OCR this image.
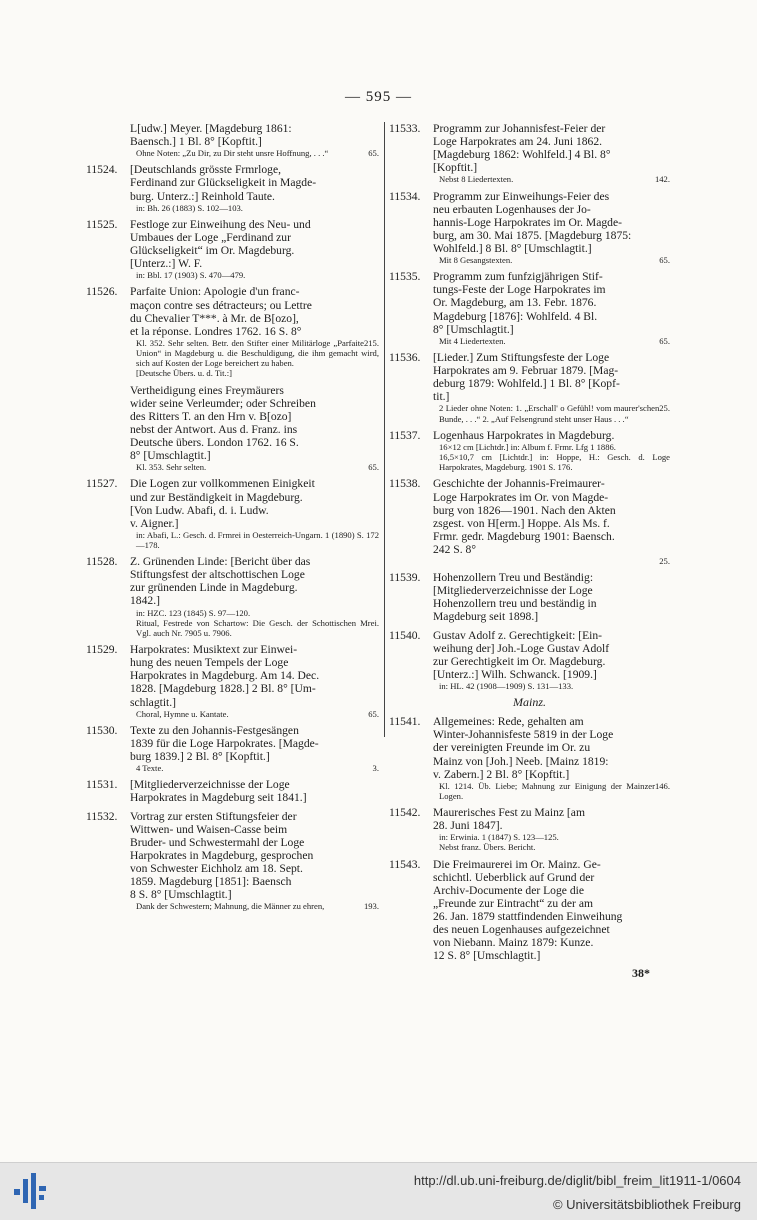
— 595 —
L[udw.] Meyer. [Magdeburg 1861:
Baensch.] 1 Bl. 8° [Kopftit.]
65.
Ohne Noten: „Zu Dir, zu Dir steht unsre Hoffnung, . . .“
11524. [Deutschlands grösste Frmrloge,
Ferdinand zur Glückseligkeit in Magde-
burg. Unterz.:] Reinhold Taute.
in: Bh. 26 (1883) S. 102—103.
11525. Festloge zur Einweihung des Neu- und
Umbaues der Loge „Ferdinand zur
Glückseligkeit“ im Or. Magdeburg.
[Unterz.:] W. F.
in: Bbl. 17 (1903) S. 470—479.
11526. Parfaite Union: Apologie d'un franc-
maçon contre ses détracteurs; ou Lettre
du Chevalier T***. à Mr. de B[ozo],
et la réponse. Londres 1762. 16 S. 8°
215.
Kl. 352. Sehr selten. Betr. den Stifter einer Militärloge „Parfaite Union“ in Magdeburg u. die Beschuldigung, die ihm gemacht wird, sich auf Kosten der Loge bereichert zu haben.
[Deutsche Übers. u. d. Tit.:]
Vertheidigung eines Freymäurers
wider seine Verleumder; oder Schreiben
des Ritters T. an den Hrn v. B[ozo]
nebst der Antwort. Aus d. Franz. ins
Deutsche übers. London 1762. 16 S.
8° [Umschlagtit.]
65.
Kl. 353. Sehr selten.
11527. Die Logen zur vollkommenen Einigkeit
und zur Beständigkeit in Magdeburg.
[Von Ludw. Abafi, d. i. Ludw.
v. Aigner.]
in: Abafi, L.: Gesch. d. Frmrei in Oesterreich-Ungarn. 1 (1890) S. 172—178.
11528. Z. Grünenden Linde: [Bericht über das
Stiftungsfest der altschottischen Loge
zur grünenden Linde in Magdeburg.
1842.]
in: HZC. 123 (1845) S. 97—120.
Ritual, Festrede von Schartow: Die Gesch. der Schottischen Mrei. Vgl. auch Nr. 7905 u. 7906.
11529. Harpokrates: Musiktext zur Einwei-
hung des neuen Tempels der Loge
Harpokrates in Magdeburg. Am 14. Dec.
1828. [Magdeburg 1828.] 2 Bl. 8° [Um-
schlagtit.]
65.
Choral, Hymne u. Kantate.
11530. Texte zu den Johannis-Festgesängen
1839 für die Loge Harpokrates. [Magde-
burg 1839.] 2 Bl. 8° [Kopftit.]
3.
4 Texte.
11531. [Mitgliederverzeichnisse der Loge
Harpokrates in Magdeburg seit 1841.]
11532. Vortrag zur ersten Stiftungsfeier der
Wittwen- und Waisen-Casse beim
Bruder- und Schwestermahl der Loge
Harpokrates in Magdeburg, gesprochen
von Schwester Eichholz am 18. Sept.
1859. Magdeburg [1851]: Baensch
8 S. 8° [Umschlagtit.]
193.
Dank der Schwestern; Mahnung, die Männer zu ehren,
11533. Programm zur Johannisfest-Feier der
Loge Harpokrates am 24. Juni 1862.
[Magdeburg 1862: Wohlfeld.] 4 Bl. 8°
[Kopftit.]
142.
Nebst 8 Liedertexten.
11534. Programm zur Einweihungs-Feier des
neu erbauten Logenhauses der Jo-
hannis-Loge Harpokrates im Or. Magde-
burg, am 30. Mai 1875. [Magdeburg 1875:
Wohlfeld.] 8 Bl. 8° [Umschlagtit.]
65.
Mit 8 Gesangstexten.
11535. Programm zum funfzigjährigen Stif-
tungs-Feste der Loge Harpokrates im
Or. Magdeburg, am 13. Febr. 1876.
Magdeburg [1876]: Wohlfeld. 4 Bl.
8° [Umschlagtit.]
65.
Mit 4 Liedertexten.
11536. [Lieder.] Zum Stiftungsfeste der Loge
Harpokrates am 9. Februar 1879. [Mag-
deburg 1879: Wohlfeld.] 1 Bl. 8° [Kopf-
tit.]
25.
2 Lieder ohne Noten: 1. „Erschall' o Gefühl! vom maurer'schen Bunde, . . .“ 2. „Auf Felsengrund steht unser Haus . . .“
11537. Logenhaus Harpokrates in Magdeburg.
16×12 cm [Lichtdr.] in: Album f. Frmr. Lfg 1 1886.
16,5×10,7 cm [Lichtdr.] in: Hoppe, H.: Gesch. d. Loge Harpokrates, Magdeburg. 1901 S. 176.
11538. Geschichte der Johannis-Freimaurer-
Loge Harpokrates im Or. von Magde-
burg von 1826—1901. Nach den Akten
zsgest. von H[erm.] Hoppe. Als Ms. f.
Frmr. gedr. Magdeburg 1901: Baensch.
242 S. 8°
25.
11539. Hohenzollern Treu und Beständig:
[Mitgliederverzeichnisse der Loge
Hohenzollern treu und beständig in
Magdeburg seit 1898.]
11540. Gustav Adolf z. Gerechtigkeit: [Ein-
weihung der] Joh.-Loge Gustav Adolf
zur Gerechtigkeit im Or. Magdeburg.
[Unterz.:] Wilh. Schwanck. [1909.]
in: HL. 42 (1908—1909) S. 131—133.
Mainz.
11541. Allgemeines: Rede, gehalten am
Winter-Johannisfeste 5819 in der Loge
der vereinigten Freunde im Or. zu
Mainz von [Joh.] Neeb. [Mainz 1819:
v. Zabern.] 2 Bl. 8° [Kopftit.]
146.
Kl. 1214. Üb. Liebe; Mahnung zur Einigung der Mainzer Logen.
11542. Maurerisches Fest zu Mainz [am
28. Juni 1847].
in: Erwinia. 1 (1847) S. 123—125.
Nebst franz. Übers. Bericht.
11543. Die Freimaurerei im Or. Mainz. Ge-
schichtl. Ueberblick auf Grund der
Archiv-Documente der Loge die
„Freunde zur Eintracht“ zu der am
26. Jan. 1879 stattfindenden Einweihung
des neuen Logenhauses aufgezeichnet
von Niebann. Mainz 1879: Kunze.
12 S. 8° [Umschlagtit.]
38*
http://dl.ub.uni-freiburg.de/diglit/bibl_freim_lit1911-1/0604
© Universitätsbibliothek Freiburg
